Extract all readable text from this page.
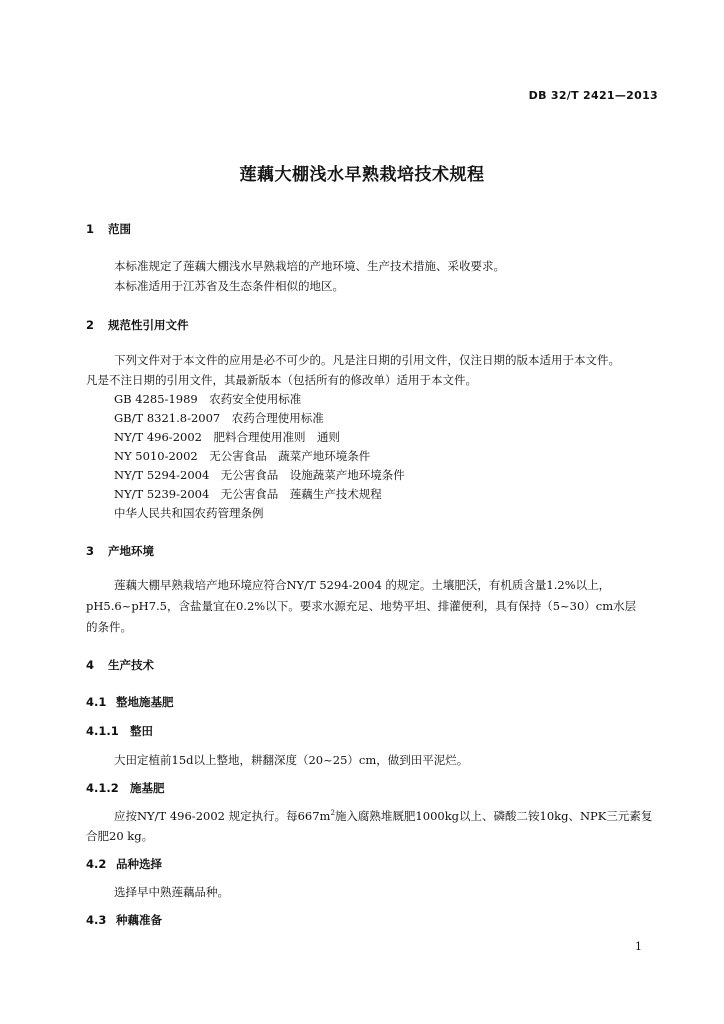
DB 32/T 2421—2013
莲藕大棚浅水早熟栽培技术规程
1 范围
本标准规定了莲藕大棚浅水早熟栽培的产地环境、生产技术措施、采收要求。
本标准适用于江苏省及生态条件相似的地区。
2 规范性引用文件
下列文件对于本文件的应用是必不可少的。凡是注日期的引用文件，仅注日期的版本适用于本文件。
凡是不注日期的引用文件，其最新版本（包括所有的修改单）适用于本文件。
GB 4285-1989　农药安全使用标准
GB/T 8321.8-2007　农药合理使用标准
NY/T 496-2002　肥料合理使用准则　通则
NY 5010-2002　无公害食品　蔬菜产地环境条件
NY/T 5294-2004　无公害食品　设施蔬菜产地环境条件
NY/T 5239-2004　无公害食品　莲藕生产技术规程
中华人民共和国农药管理条例
3 产地环境
莲藕大棚早熟栽培产地环境应符合NY/T 5294-2004 的规定。土壤肥沃，有机质含量1.2%以上，
pH5.6~pH7.5，含盐量宜在0.2%以下。要求水源充足、地势平坦、排灌便利，具有保持（5~30）cm水层
的条件。
4 生产技术
4.1 整地施基肥
4.1.1 整田
大田定植前15d以上整地，耕翻深度（20~25）cm，做到田平泥烂。
4.1.2 施基肥
应按NY/T 496-2002 规定执行。每$667m^2$施入腐熟堆厩肥1000kg以上、磷酸二铵10kg、NPK三元素复
合肥20 kg。
4.2 品种选择
选择早中熟莲藕品种。
4.3 种藕准备
1
